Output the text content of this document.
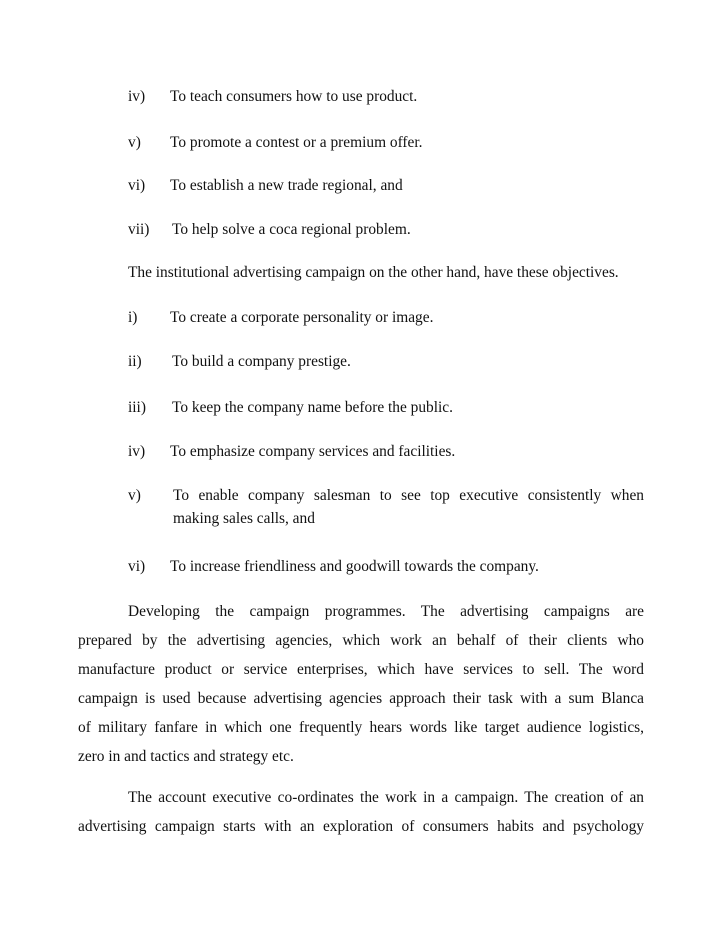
iv) To teach consumers how to use product.
v) To promote a contest or a premium offer.
vi) To establish a new trade regional, and
vii) To help solve a coca regional problem.
The institutional advertising campaign on the other hand, have these objectives.
i) To create a corporate personality or image.
ii) To build a company prestige.
iii) To keep the company name before the public.
iv) To emphasize company services and facilities.
v) To enable company salesman to see top executive consistently when
making sales calls, and
vi) To increase friendliness and goodwill towards the company.
Developing the campaign programmes. The advertising campaigns are
prepared by the advertising agencies, which work an behalf of their clients who
manufacture product or service enterprises, which have services to sell. The word
campaign is used because advertising agencies approach their task with a sum Blanca
of military fanfare in which one frequently hears words like target audience logistics,
zero in and tactics and strategy etc.
The account executive co-ordinates the work in a campaign. The creation of an
advertising campaign starts with an exploration of consumers habits and psychology
